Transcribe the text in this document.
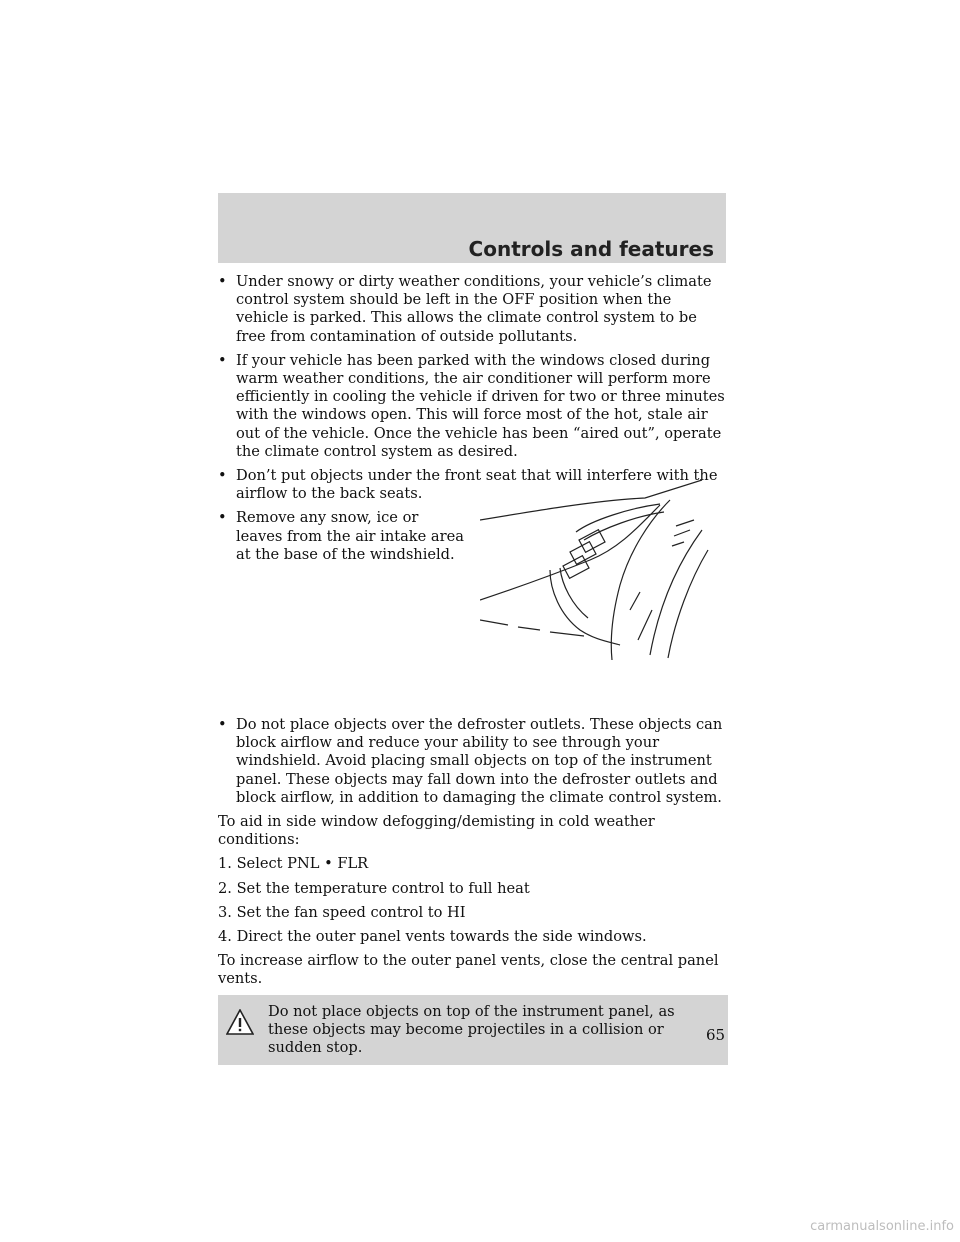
Controls and features
• Under snowy or dirty weather conditions, your vehicle’s climate control system should be left in the OFF position when the vehicle is parked. This allows the climate control system to be free from contamination of outside pollutants.
• If your vehicle has been parked with the windows closed during warm weather conditions, the air conditioner will perform more efficiently in cooling the vehicle if driven for two or three minutes with the windows open. This will force most of the hot, stale air out of the vehicle. Once the vehicle has been “aired out”, operate the climate control system as desired.
• Don’t put objects under the front seat that will interfere with the airflow to the back seats.
• Remove any snow, ice or leaves from the air intake area at the base of the windshield.
• Do not place objects over the defroster outlets. These objects can block airflow and reduce your ability to see through your windshield. Avoid placing small objects on top of the instrument panel. These objects may fall down into the defroster outlets and block airflow, in addition to damaging the climate control system.

To aid in side window defogging/demisting in cold weather conditions:

1. Select PNL • FLR

2. Set the temperature control to full heat

3. Set the fan speed control to HI

4. Direct the outer panel vents towards the side windows.

To increase airflow to the outer panel vents, close the central panel vents.

Do not place objects on top of the instrument panel, as these objects may become projectiles in a collision or sudden stop.
65
carmanualsonline.info
